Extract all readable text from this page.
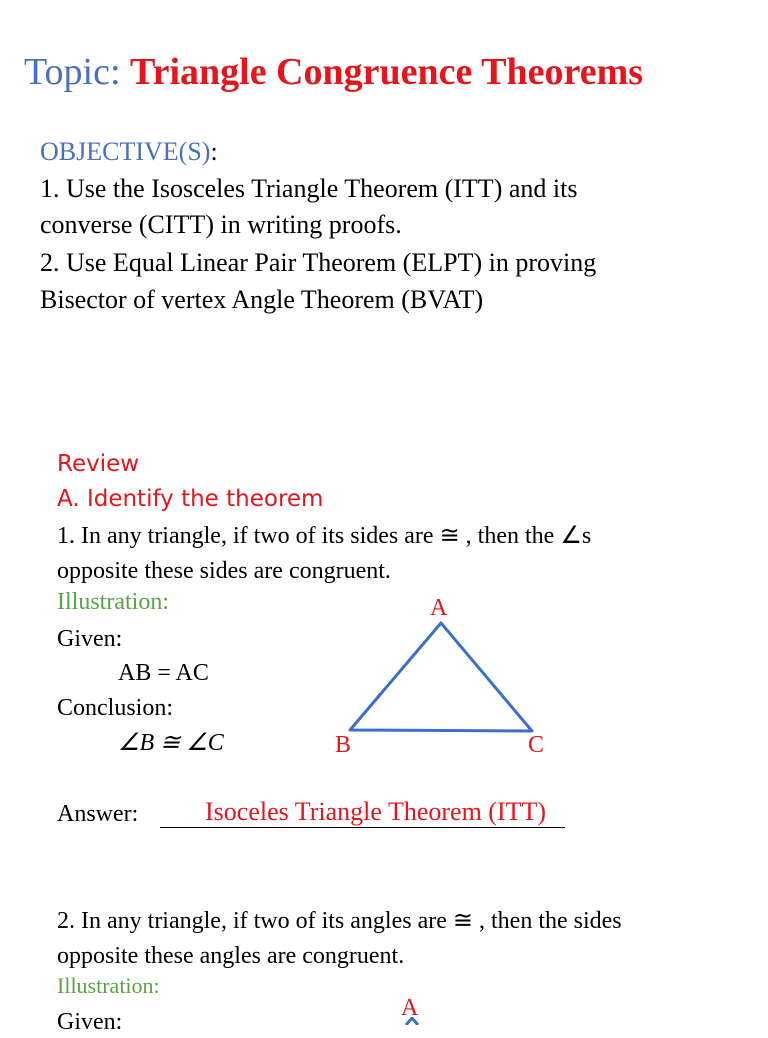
Topic: Triangle Congruence Theorems
OBJECTIVE(S):
1. Use the Isosceles Triangle Theorem (ITT) and its
converse (CITT) in writing proofs.
2. Use Equal Linear Pair Theorem (ELPT) in proving
Bisector of vertex Angle Theorem (BVAT)
Review
A. Identify the theorem
1. In any triangle, if two of its sides are ≅ , then the ∠s
opposite these sides are congruent.
Illustration:
Given:
AB = AC
Conclusion:
∠B ≅ ∠C
A
B	C
Answer:	Isoceles Triangle Theorem (ITT)
2. In any triangle, if two of its angles are ≅ , then the sides
opposite these angles are congruent.
Illustration:
Given:
A
